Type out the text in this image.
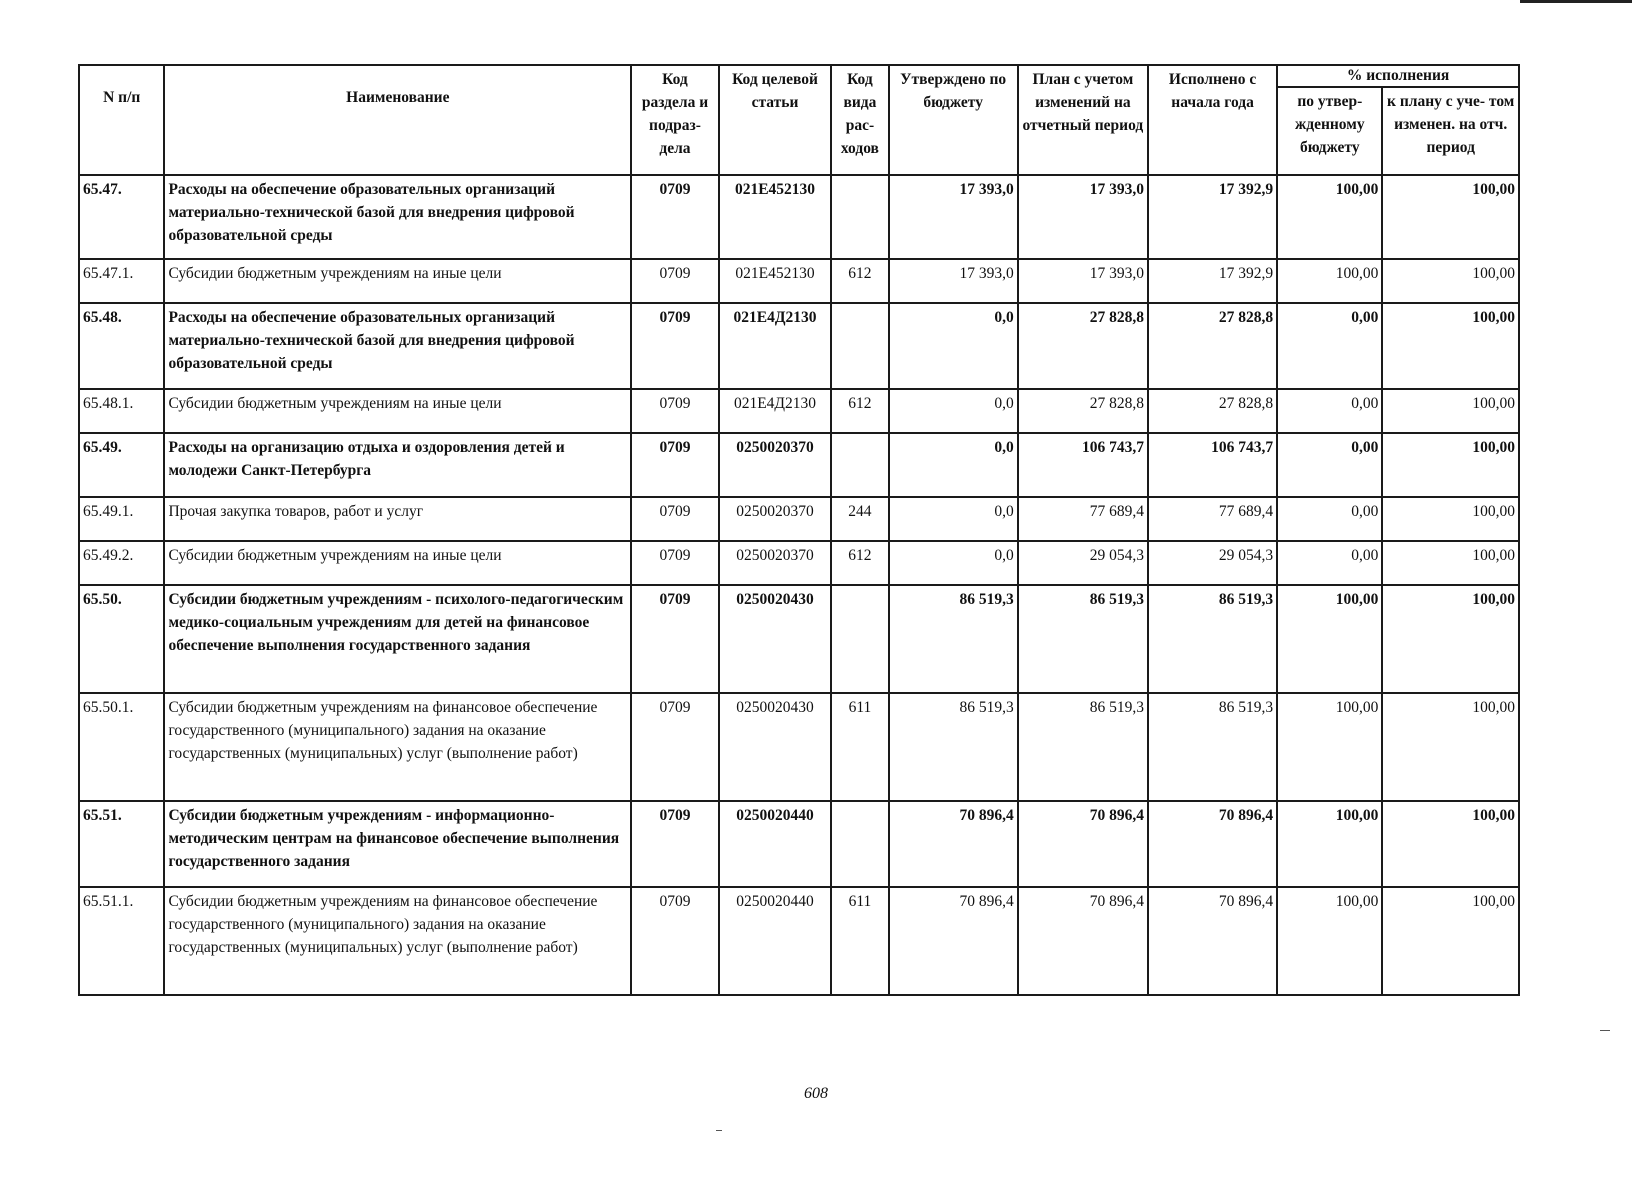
N п/п	Наименование	Код раздела и подраз- дела	Код целевой статьи	Код вида рас- ходов	Утверждено по бюджету	План с учетом изменений на отчетный период	Исполнено с начала года	% исполнения	
								по утвер- жденному бюджету	к плану с уче- том изменен. на отч. период
65.47.	Расходы на обеспечение образовательных организаций материально-технической базой для внедрения цифровой образовательной среды	0709	021Е452130		17 393,0	17 393,0	17 392,9	100,00	100,00
65.47.1.	Субсидии бюджетным учреждениям на иные цели	0709	021Е452130	612	17 393,0	17 393,0	17 392,9	100,00	100,00
65.48.	Расходы на обеспечение образовательных организаций материально-технической базой для внедрения цифровой образовательной среды	0709	021Е4Д2130		0,0	27 828,8	27 828,8	0,00	100,00
65.48.1.	Субсидии бюджетным учреждениям на иные цели	0709	021Е4Д2130	612	0,0	27 828,8	27 828,8	0,00	100,00
65.49.	Расходы на организацию отдыха и оздоровления детей и молодежи Санкт-Петербурга	0709	0250020370		0,0	106 743,7	106 743,7	0,00	100,00
65.49.1.	Прочая закупка товаров, работ и услуг	0709	0250020370	244	0,0	77 689,4	77 689,4	0,00	100,00
65.49.2.	Субсидии бюджетным учреждениям на иные цели	0709	0250020370	612	0,0	29 054,3	29 054,3	0,00	100,00
65.50.	Субсидии бюджетным учреждениям - психолого-педагогическим медико-социальным учреждениям для детей на финансовое обеспечение выполнения государственного задания	0709	0250020430		86 519,3	86 519,3	86 519,3	100,00	100,00
65.50.1.	Субсидии бюджетным учреждениям на финансовое обеспечение государственного (муниципального) задания на оказание государственных (муниципальных) услуг (выполнение работ)	0709	0250020430	611	86 519,3	86 519,3	86 519,3	100,00	100,00
65.51.	Субсидии бюджетным учреждениям - информационно-методическим центрам на финансовое обеспечение выполнения государственного задания	0709	0250020440		70 896,4	70 896,4	70 896,4	100,00	100,00
65.51.1.	Субсидии бюджетным учреждениям на финансовое обеспечение государственного (муниципального) задания на оказание государственных (муниципальных) услуг (выполнение работ)	0709	0250020440	611	70 896,4	70 896,4	70 896,4	100,00	100,00
608
